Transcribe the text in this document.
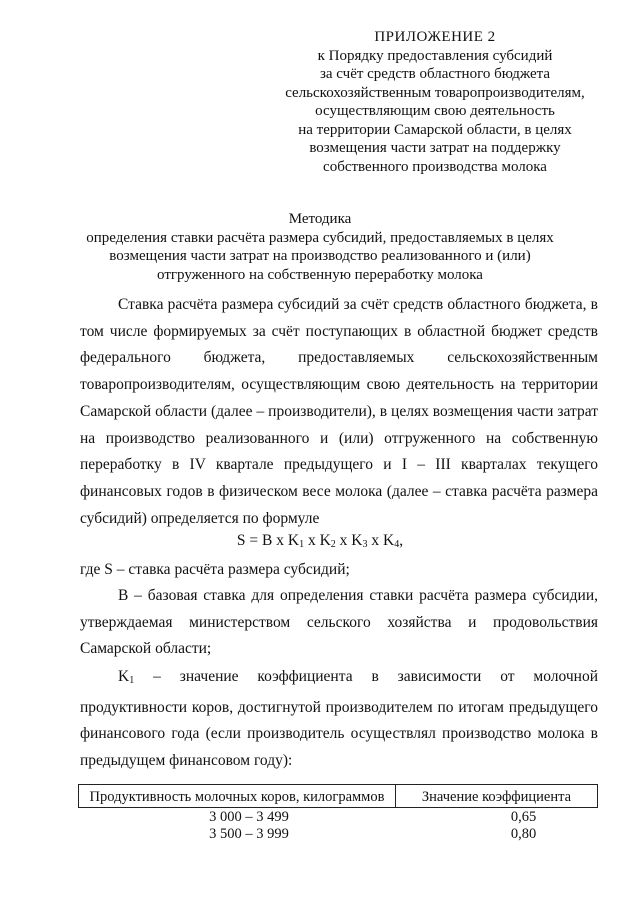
ПРИЛОЖЕНИЕ 2
к Порядку предоставления субсидий
за счёт средств областного бюджета
сельскохозяйственным товаропроизводителям,
осуществляющим свою деятельность
на территории Самарской области, в целях
возмещения части затрат на поддержку
собственного производства молока
Методика
определения ставки расчёта размера субсидий, предоставляемых в целях
возмещения части затрат на производство реализованного и (или)
отгруженного на собственную переработку молока
Ставка расчёта размера субсидий за счёт средств областного бюджета, в том числе формируемых за счёт поступающих в областной бюджет средств федерального бюджета, предоставляемых сельскохозяйственным товаропроизводителям, осуществляющим свою деятельность на территории Самарской области (далее – производители), в целях возмещения части затрат на производство реализованного и (или) отгруженного на собственную переработку в IV квартале предыдущего и I – III кварталах текущего финансовых годов в физическом весе молока (далее – ставка расчёта размера субсидий) определяется по формуле
S = B x $K_1$ x $K_2$ x $K_3$ x $K_4$,
где S – ставка расчёта размера субсидий;
B – базовая ставка для определения ставки расчёта размера субсидии, утверждаемая министерством сельского хозяйства и продовольствия Самарской области;
K1 – значение коэффициента в зависимости от молочной продуктивности коров, достигнутой производителем по итогам предыдущего финансового года (если производитель осуществлял производство молока в предыдущем финансовом году):
Продуктивность молочных коров, килограммов	Значение коэффициента
3 000 – 3 499	0,65
3 500 – 3 999	0,80
